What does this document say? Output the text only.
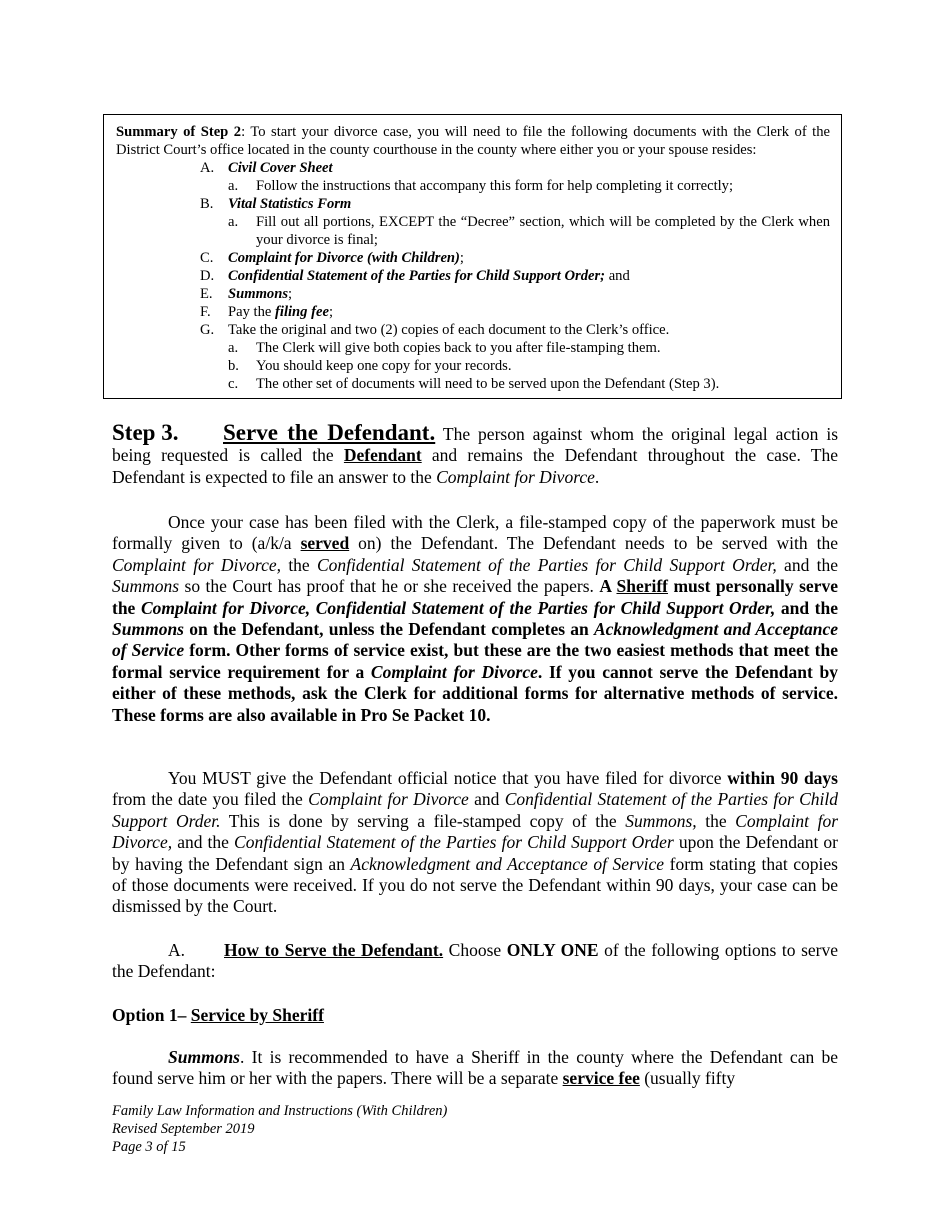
Summary of Step 2: To start your divorce case, you will need to file the following documents with the Clerk of the District Court’s office located in the county courthouse in the county where either you or your spouse resides:
A. Civil Cover Sheet
a. Follow the instructions that accompany this form for help completing it correctly;
B. Vital Statistics Form
a. Fill out all portions, EXCEPT the “Decree” section, which will be completed by the Clerk when your divorce is final;
C. Complaint for Divorce (with Children);
D. Confidential Statement of the Parties for Child Support Order; and
E. Summons;
F. Pay the filing fee;
G. Take the original and two (2) copies of each document to the Clerk’s office.
a. The Clerk will give both copies back to you after file-stamping them.
b. You should keep one copy for your records.
c. The other set of documents will need to be served upon the Defendant (Step 3).
Step 3. Serve the Defendant. The person against whom the original legal action is being requested is called the Defendant and remains the Defendant throughout the case. The Defendant is expected to file an answer to the Complaint for Divorce.
Once your case has been filed with the Clerk, a file-stamped copy of the paperwork must be formally given to (a/k/a served on) the Defendant. The Defendant needs to be served with the Complaint for Divorce, the Confidential Statement of the Parties for Child Support Order, and the Summons so the Court has proof that he or she received the papers. A Sheriff must personally serve the Complaint for Divorce, Confidential Statement of the Parties for Child Support Order, and the Summons on the Defendant, unless the Defendant completes an Acknowledgment and Acceptance of Service form. Other forms of service exist, but these are the two easiest methods that meet the formal service requirement for a Complaint for Divorce. If you cannot serve the Defendant by either of these methods, ask the Clerk for additional forms for alternative methods of service. These forms are also available in Pro Se Packet 10.
You MUST give the Defendant official notice that you have filed for divorce within 90 days from the date you filed the Complaint for Divorce and Confidential Statement of the Parties for Child Support Order. This is done by serving a file-stamped copy of the Summons, the Complaint for Divorce, and the Confidential Statement of the Parties for Child Support Order upon the Defendant or by having the Defendant sign an Acknowledgment and Acceptance of Service form stating that copies of those documents were received. If you do not serve the Defendant within 90 days, your case can be dismissed by the Court.
A. How to Serve the Defendant. Choose ONLY ONE of the following options to serve the Defendant:
Option 1– Service by Sheriff
Summons. It is recommended to have a Sheriff in the county where the Defendant can be found serve him or her with the papers. There will be a separate service fee (usually fifty
Family Law Information and Instructions (With Children)
Revised September 2019
Page 3 of 15
